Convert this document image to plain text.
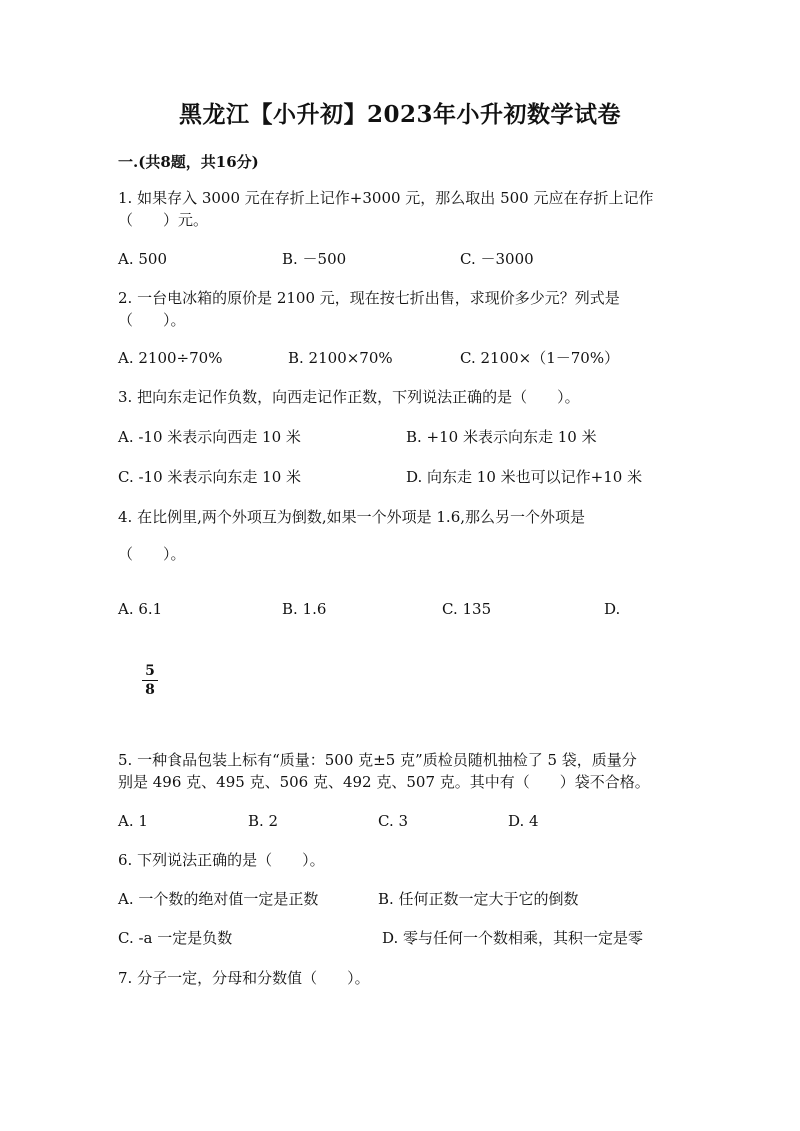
黑龙江【小升初】2023年小升初数学试卷
一.(共8题，共16分)
1. 如果存入 3000 元在存折上记作+3000 元，那么取出 500 元应在存折上记作
（　　）元。
A. 500	B. －500	C. －3000
2. 一台电冰箱的原价是 2100 元，现在按七折出售，求现价多少元？列式是
（　　）。
A. 2100÷70%	B. 2100×70%	C. 2100×（1－70%）
3. 把向东走记作负数，向西走记作正数，下列说法正确的是（　　）。
A. -10 米表示向西走 10 米	B. +10 米表示向东走 10 米
C. -10 米表示向东走 10 米	D. 向东走 10 米也可以记作+10 米
4. 在比例里,两个外项互为倒数,如果一个外项是 1.6,那么另一个外项是
（　　）。
A. 6.1	B. 1.6	C. 135	D.
5
8
5. 一种食品包装上标有“质量：500 克±5 克”质检员随机抽检了 5 袋，质量分
别是 496 克、495 克、506 克、492 克、507 克。其中有（　　）袋不合格。
A. 1	B. 2	C. 3	D. 4
6. 下列说法正确的是（　　）。
A. 一个数的绝对值一定是正数	B. 任何正数一定大于它的倒数
C. -a 一定是负数	D. 零与任何一个数相乘，其积一定是零
7. 分子一定，分母和分数值（　　）。
